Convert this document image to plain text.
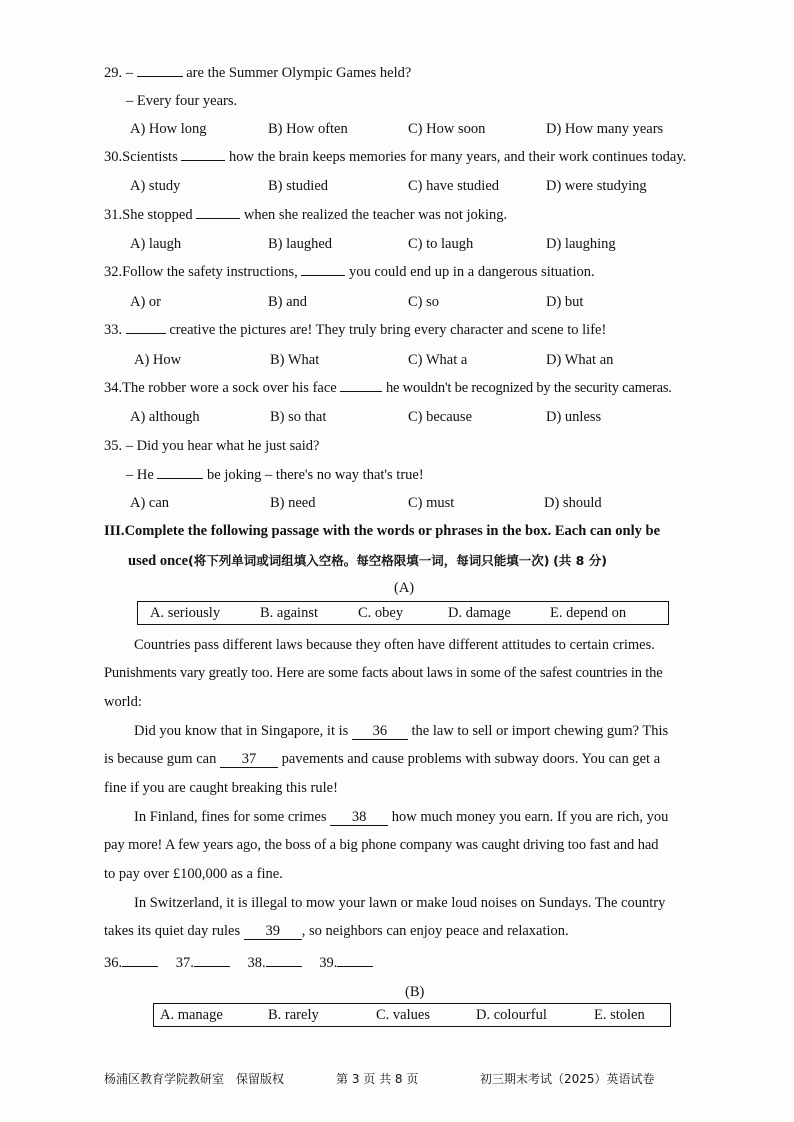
29. –	are the Summer Olympic Games held?
– Every four years.
A) How long	B) How often	C) How soon	D) How many years
30.Scientists	how the brain keeps memories for many years, and their work continues today.
A) study	B) studied	C) have studied	D) were studying
31.She stopped	when she realized the teacher was not joking.
A) laugh	B) laughed	C) to laugh	D) laughing
32.Follow the safety instructions,	you could end up in a dangerous situation.
A) or	B) and	C) so	D) but
33.	creative the pictures are! They truly bring every character and scene to life!
A) How	B) What	C) What a	D) What an
34.The robber wore a sock over his face	he wouldn't be recognized by the security cameras.
A) although	B) so that	C) because	D) unless
35. – Did you hear what he just said?
– He	be joking – there's no way that's true!
A) can	B) need	C) must	D) should
III.Complete the following passage with the words or phrases in the box. Each can only be
used once(将下列单词或词组填入空格。每空格限填一词，每词只能填一次) (共 8 分)
(A)
A. seriously	B. against	C. obey	D. damage	E. depend on
Countries pass different laws because they often have different attitudes to certain crimes.
Punishments vary greatly too. Here are some facts about laws in some of the safest countries in the
world:
Did you know that in Singapore, it is 36 the law to sell or import chewing gum? This
is because gum can 37 pavements and cause problems with subway doors. You can get a
fine if you are caught breaking this rule!
In Finland, fines for some crimes 38 how much money you earn. If you are rich, you
pay more! A few years ago, the boss of a big phone company was caught driving too fast and had
to pay over £100,000 as a fine.
In Switzerland, it is illegal to mow your lawn or make loud noises on Sundays. The country
takes its quiet day rules 39 , so neighbors can enjoy peace and relaxation.
36.	37.	38.	39.
(B)
A. manage	B. rarely	C. values	D. colourful	E. stolen
杨浦区教育学院教研室　保留版权	第 3 页 共 8 页	初三期末考试（2025）英语试卷
